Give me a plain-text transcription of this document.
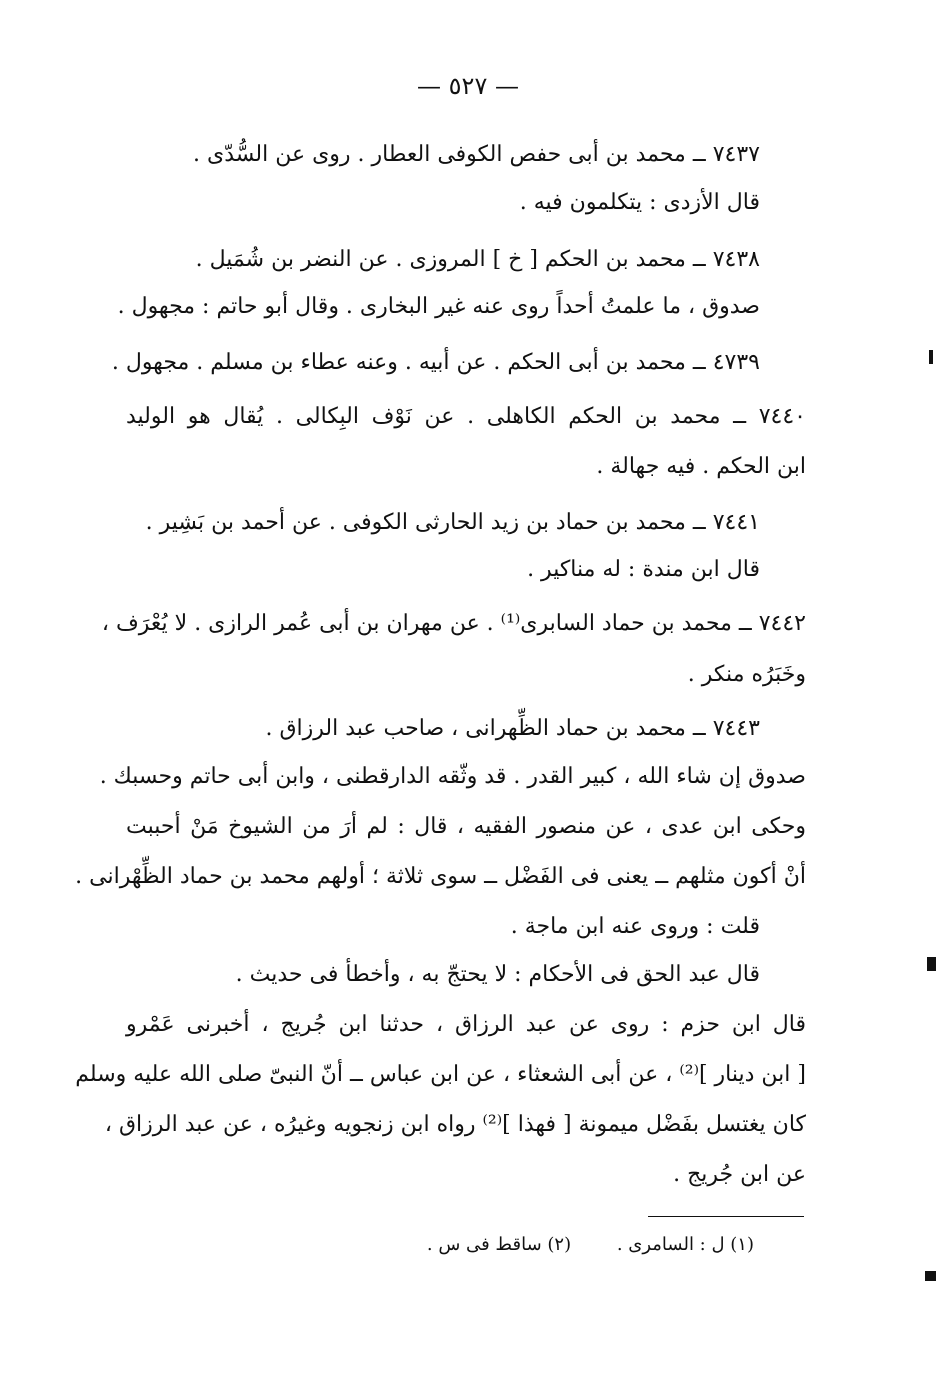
— ٥٢٧ —
٧٤٣٧ ــ محمد بن أبى حفص الكوفى العطار . روى عن السُّدّى .
قال الأزدى : يتكلمون فيه .
٧٤٣٨ ــ محمد بن الحكم [ خ ] المروزى . عن النضر بن شُمَيل .
صدوق ، ما علمتُ أحداً روى عنه غير البخارى . وقال أبو حاتم : مجهول .
٤٧٣٩ ــ محمد بن أبى الحكم . عن أبيه . وعنه عطاء بن مسلم . مجهول .
٧٤٤٠ ــ محمد بن الحكم الكاهلى . عن نَوْف البِكالى . يُقال هو الوليد
ابن الحكم . فيه جهالة .
٧٤٤١ ــ محمد بن حماد بن زيد الحارثى الكوفى . عن أحمد بن بَشِير .
قال ابن مندة : له مناكير .
٧٤٤٢ ــ محمد بن حماد السابرى⁽¹⁾ . عن مهران بن أبى عُمر الرازى . لا يُعْرَف ،
وخَبَرُه منكر .
٧٤٤٣ ــ محمد بن حماد الظِّهرانى ، صاحب عبد الرزاق .
صدوق إن شاء الله ، كبير القدر . قد وثّقه الدارقطنى ، وابن أبى حاتم وحسبك .
وحكى ابن عدى ، عن منصور الفقيه ، قال : لم أرَ من الشيوخ مَنْ أحببت
أنْ أكون مثلهم ــ يعنى فى الفَضْل ــ سوى ثلاثة ؛ أولهم محمد بن حماد الظِّهْرانى .
قلت : وروى عنه ابن ماجة .
قال عبد الحق فى الأحكام : لا يحتجّ به ، وأخطأ فى حديث .
قال ابن حزم : روى عن عبد الرزاق ، حدثنا ابن جُريج ، أخبرنى عَمْرو
[ ابن دينار ]⁽²⁾ ، عن أبى الشعثاء ، عن ابن عباس ــ أنّ النبىّ صلى الله عليه وسلم
كان يغتسل بفَضْل ميمونة [ فهذا ]⁽²⁾ رواه ابن زنجويه وغيرُه ، عن عبد الرزاق ،
عن ابن جُريج .
(١) ل : السامرى . (٢) ساقط فى س .
